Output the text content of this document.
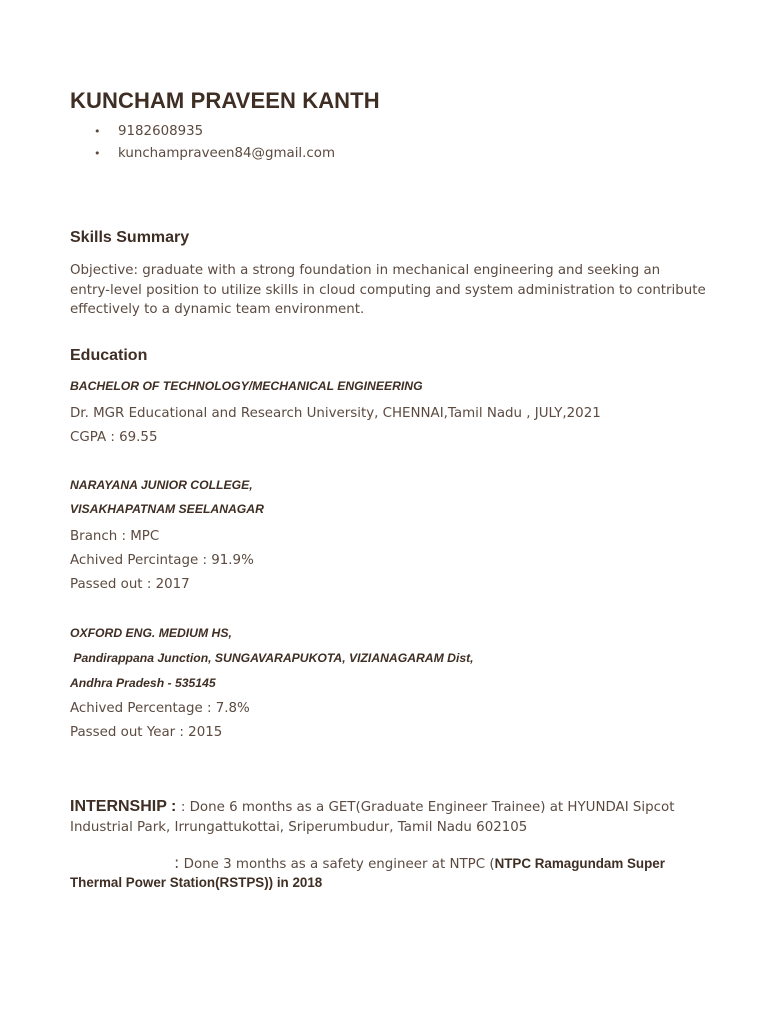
KUNCHAM PRAVEEN KANTH
• 9182608935
• kunchampraveen84@gmail.com
Skills Summary
Objective: graduate with a strong foundation in mechanical engineering and seeking an
entry-level position to utilize skills in cloud computing and system administration to contribute
effectively to a dynamic team environment.
Education
BACHELOR OF TECHNOLOGY/MECHANICAL ENGINEERING
Dr. MGR Educational and Research University, CHENNAI,Tamil Nadu , JULY,2021
CGPA : 69.55
NARAYANA JUNIOR COLLEGE,
VISAKHAPATNAM SEELANAGAR
Branch : MPC
Achived Percintage : 91.9%
Passed out : 2017
OXFORD ENG. MEDIUM HS,
Pandirappana Junction, SUNGAVARAPUKOTA, VIZIANAGARAM Dist,
Andhra Pradesh - 535145
Achived Percentage : 7.8%
Passed out Year : 2015
INTERNSHIP : : Done 6 months as a GET(Graduate Engineer Trainee) at HYUNDAI Sipcot
Industrial Park, Irrungattukottai, Sriperumbudur, Tamil Nadu 602105
: Done 3 months as a safety engineer at NTPC (NTPC Ramagundam Super
Thermal Power Station(RSTPS)) in 2018
